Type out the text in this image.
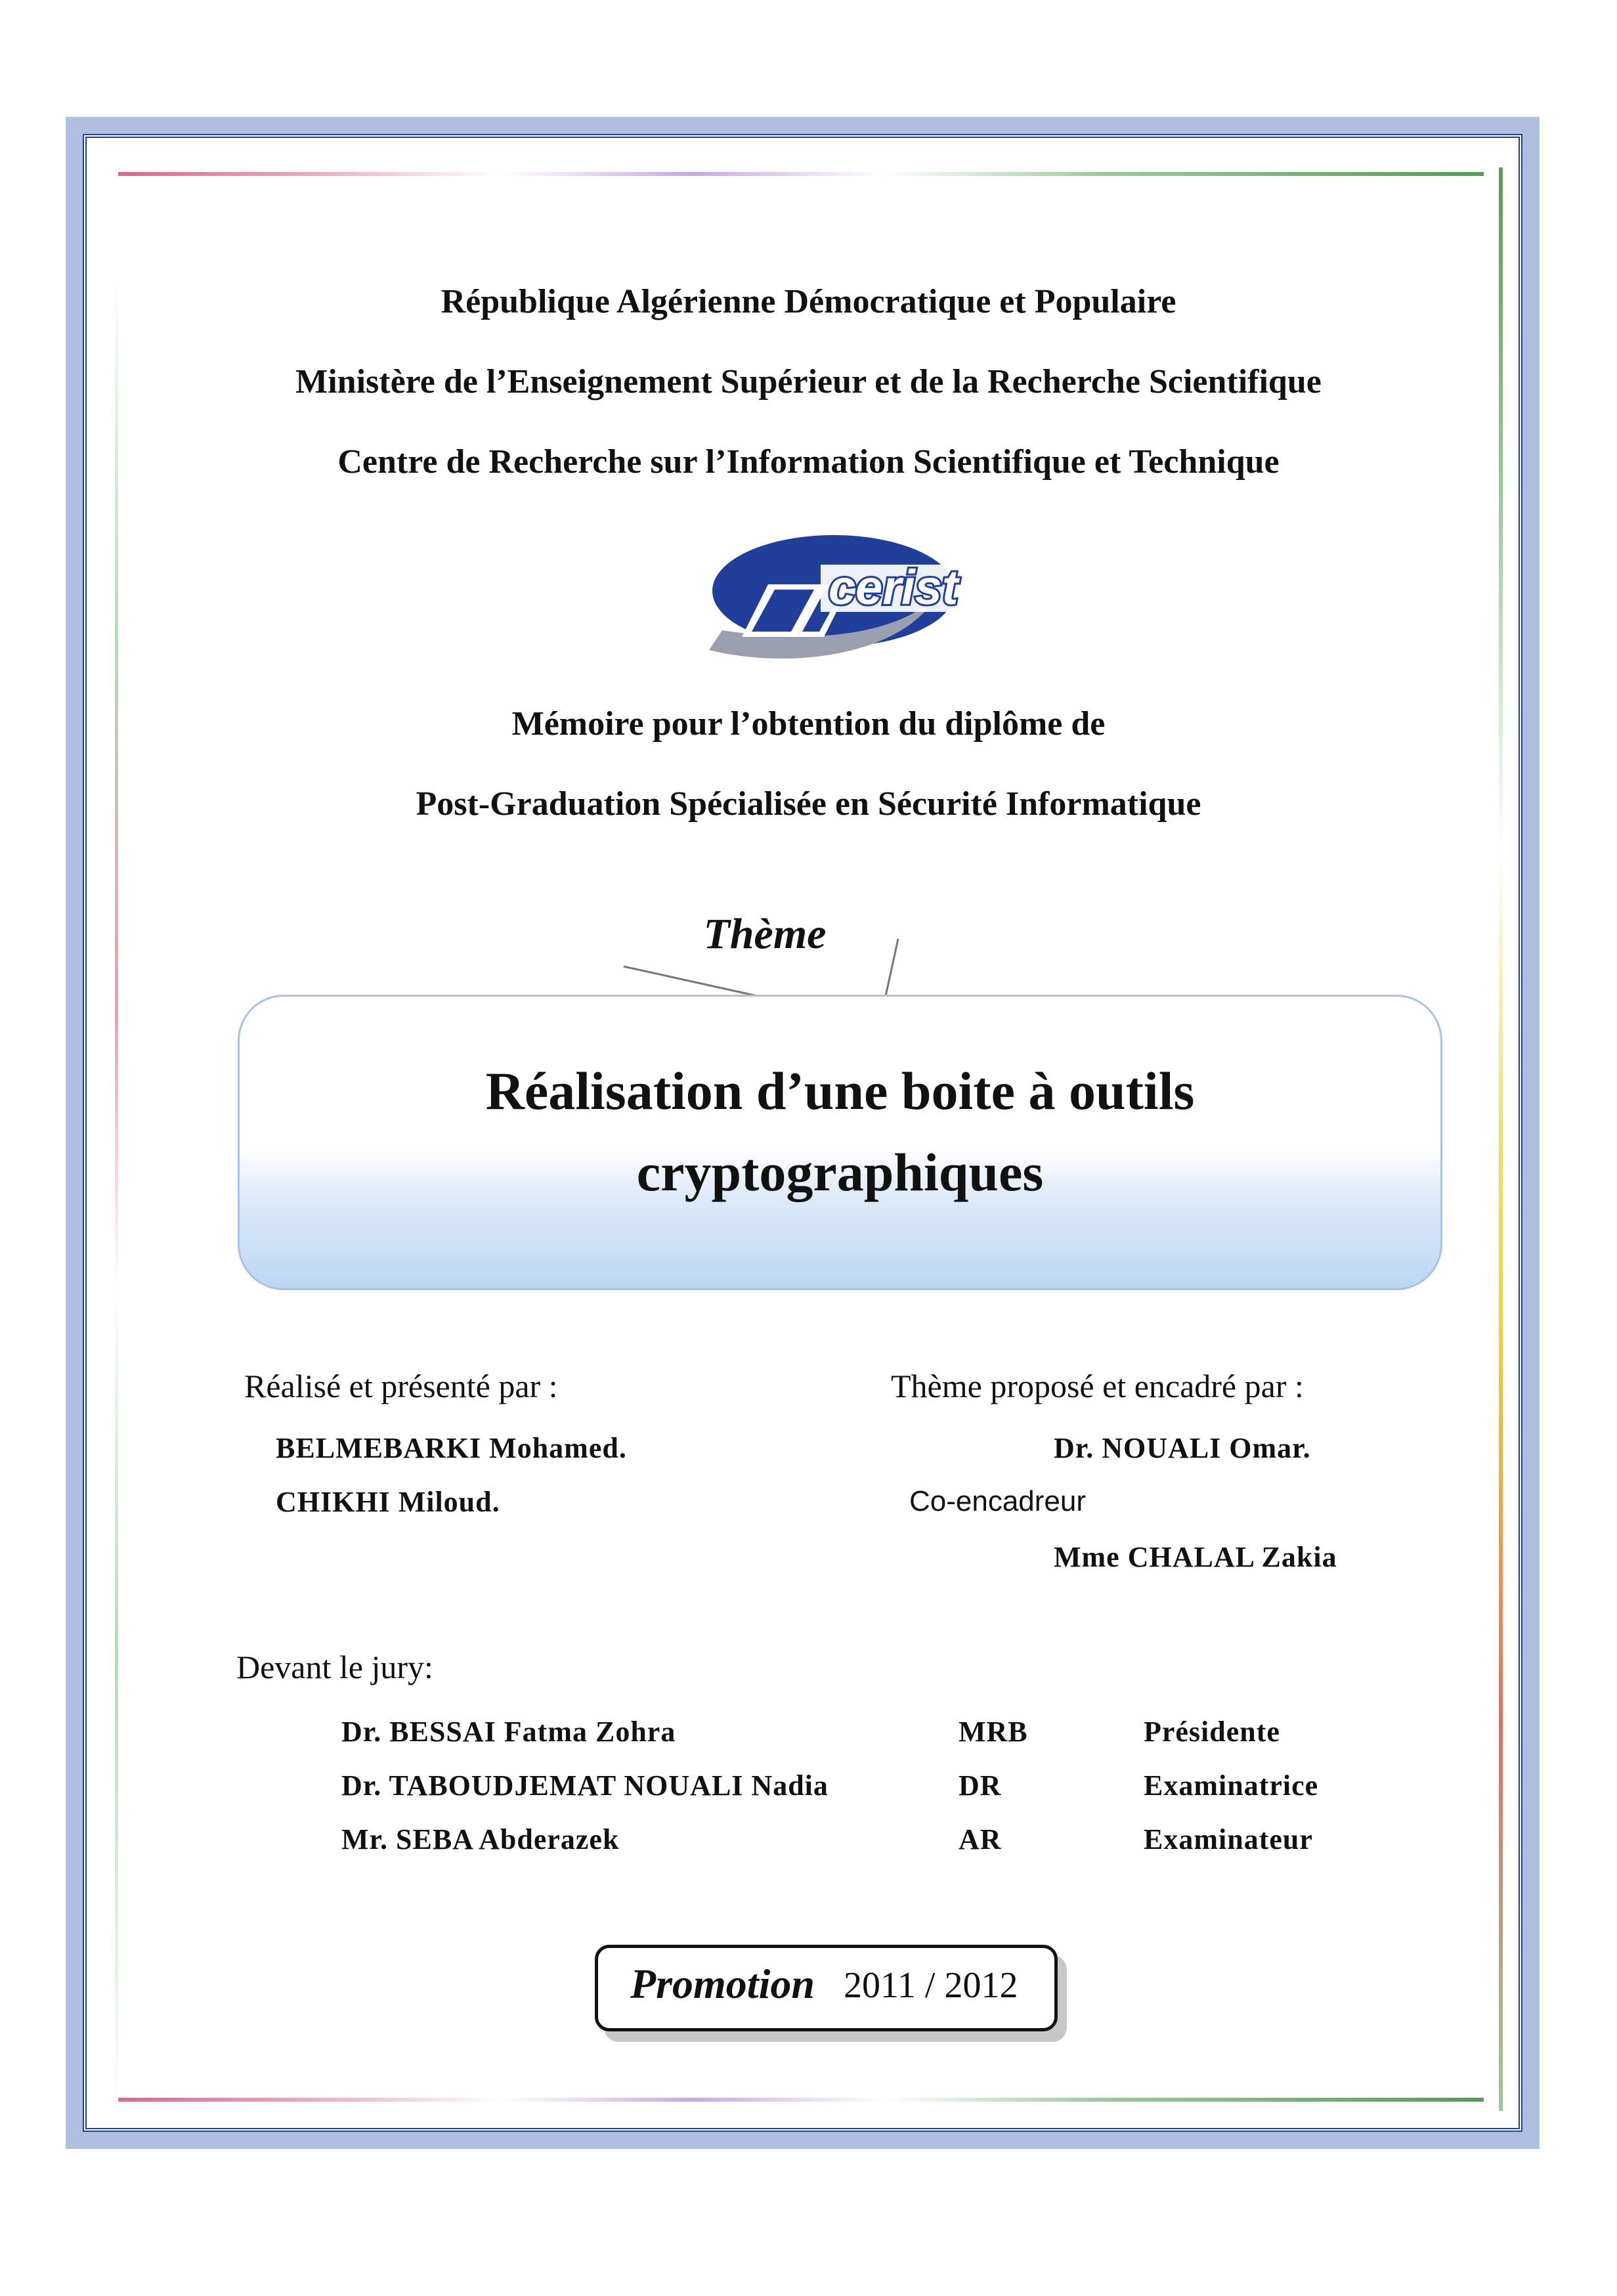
République Algérienne Démocratique et Populaire
Ministère de l’Enseignement Supérieur et de la Recherche Scientifique
Centre de Recherche sur l’Information Scientifique et Technique
cerist
Mémoire pour l’obtention du diplôme de
Post-Graduation Spécialisée en Sécurité Informatique
Thème
Réalisation d’une boite à outils
cryptographiques
Réalisé et présenté par :
BELMEBARKI Mohamed.
CHIKHI Miloud.
Thème proposé et encadré par :
Dr. NOUALI Omar.
Co-encadreur
Mme CHALAL Zakia
Devant le jury:
Dr. BESSAI Fatma Zohra	MRB	Présidente
Dr. TABOUDJEMAT NOUALI Nadia	DR	Examinatrice
Mr. SEBA Abderazek	AR	Examinateur
Promotion 2011 / 2012
